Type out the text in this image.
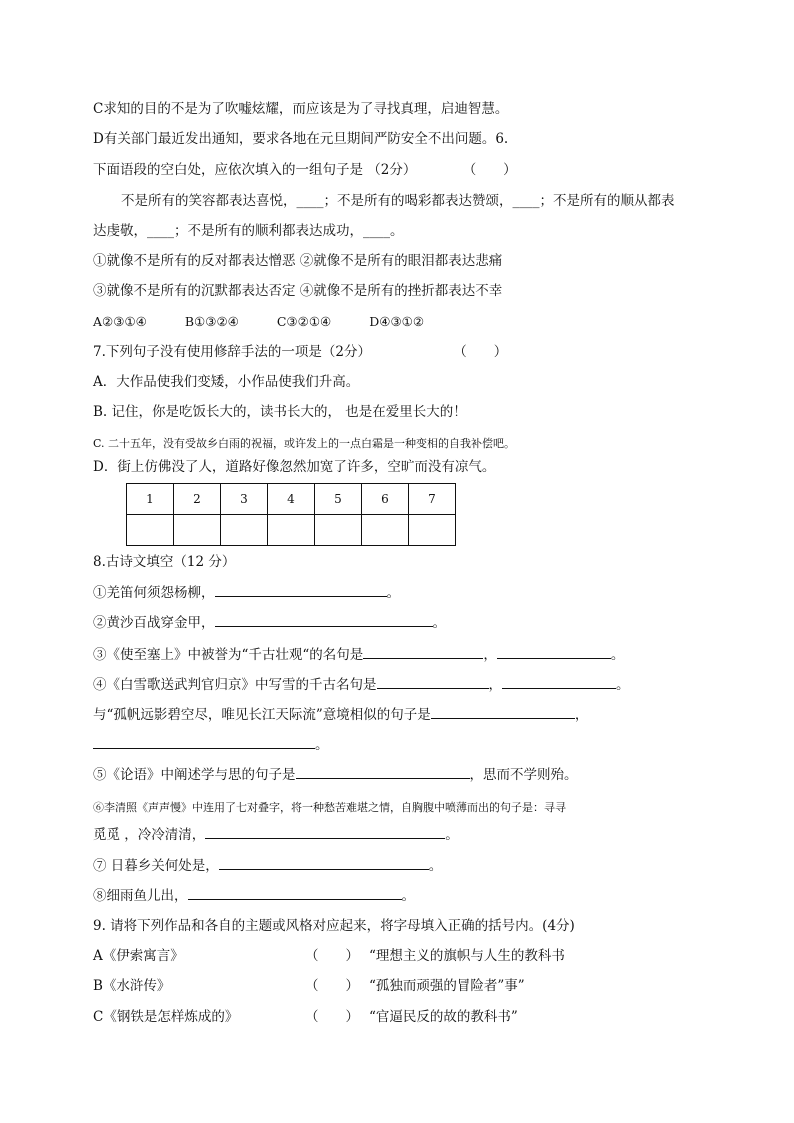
C求知的目的不是为了吹嘘炫耀，而应该是为了寻找真理，启迪智慧。
D有关部门最近发出通知，要求各地在元旦期间严防安全不出问题。6.
下面语段的空白处，应依次填入的一组句子是 （2分）	（　　）
不是所有的笑容都表达喜悦，____；不是所有的喝彩都表达赞颂，____；不是所有的顺从都表
达虔敬，____；不是所有的顺利都表达成功，____。
①就像不是所有的反对都表达憎恶 ②就像不是所有的眼泪都表达悲痛
③就像不是所有的沉默都表达否定 ④就像不是所有的挫折都表达不幸
A②③①④	B①③②④	C③②①④	D④③①②
7.下列句子没有使用修辞手法的一项是（2分）	（　　）
A．大作品使我们变矮，小作品使我们升高。
B. 记住，你是吃饭长大的，读书长大的， 也是在爱里长大的！
C. 二十五年，没有受故乡白雨的祝福，或许发上的一点白霜是一种变相的自我补偿吧。
D．街上仿佛没了人，道路好像忽然加宽了许多，空旷而没有凉气。
1	2	3	4	5	6	7

8.古诗文填空（12 分）
①羌笛何须怨杨柳，	。
②黄沙百战穿金甲，	。
③《使至塞上》中被誉为“千古壮观“的名句是	，	。
④《白雪歌送武判官归京》中写雪的千古名句是	，	。
与“孤帆远影碧空尽，唯见长江天际流”意境相似的句子是	，
。
⑤《论语》中阐述学与思的句子是	，思而不学则殆。
⑥李清照《声声慢》中连用了七对叠字，将一种愁苦难堪之情，自胸腹中喷薄而出的句子是：寻寻
觅觅 ，冷冷清清，	。
⑦ 日暮乡关何处是，	。
⑧细雨鱼儿出，	。
9. 请将下列作品和各自的主题或风格对应起来，将字母填入正确的括号内。(4分)
A《伊索寓言》	（　　） “理想主义的旗帜与人生的教科书
B《水浒传》	（　　） “孤独而顽强的冒险者”事”
C《钢铁是怎样炼成的》	（　　） “官逼民反的故的教科书”
